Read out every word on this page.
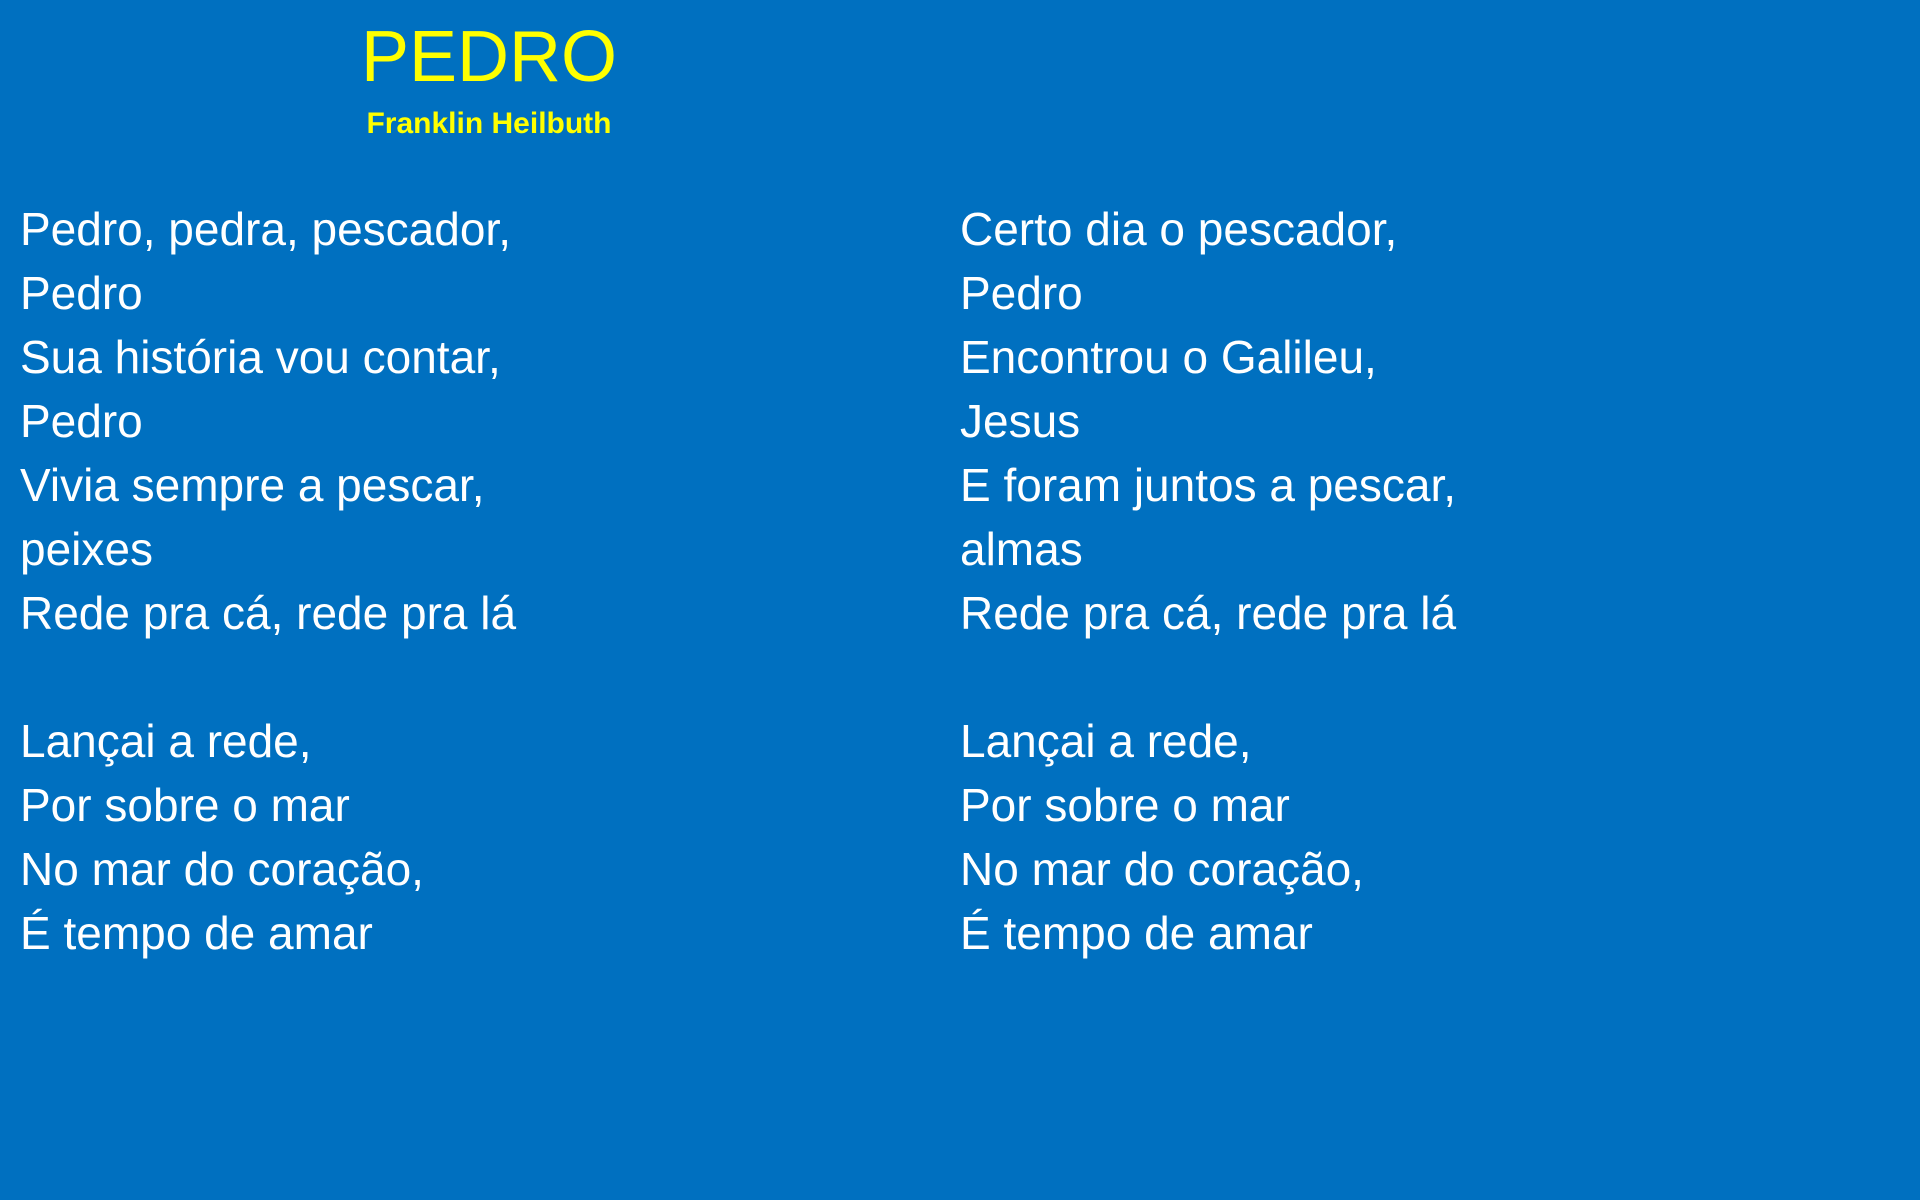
PEDRO
Franklin Heilbuth
Pedro, pedra, pescador,
Pedro
Sua história vou contar,
Pedro
Vivia sempre a pescar,
peixes
Rede pra cá, rede pra lá
Lançai a rede,
Por sobre o mar
No mar do coração,
É tempo de amar
Certo dia o pescador,
Pedro
Encontrou o Galileu,
Jesus
E foram juntos a pescar,
almas
Rede pra cá, rede pra lá
Lançai a rede,
Por sobre o mar
No mar do coração,
É tempo de amar
